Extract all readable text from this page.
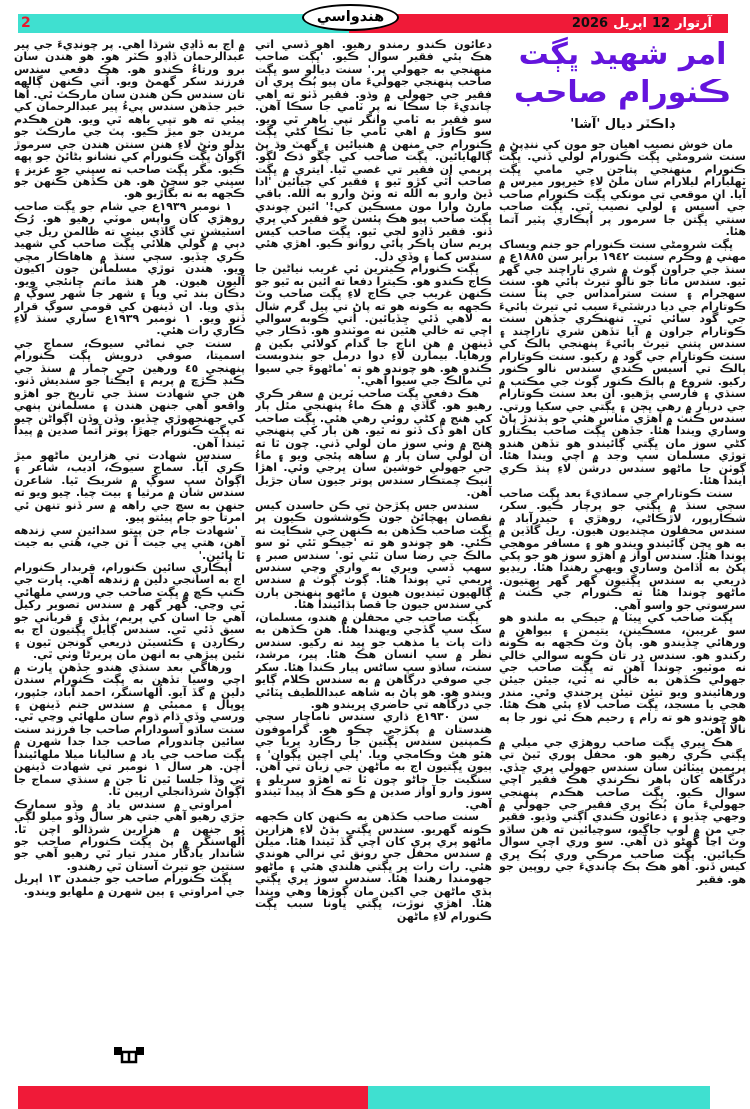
2	آرتوار12اپريل2026
هندواسي
امر شهيد ڀڳت
ڪنورام صاحب
ڊاڪٽر ديال 'آشا'

مان خوش نصيب آهيان جو مون کي ننڍپڻ ۾ سنت شرومڻي ڀڳت ڪنورام لولي ڏني. ڀڳت ڪنورام منهنجي پتاجن جي مامي ڀڳت ٽهليارام ليلارام سان ملڻ لاءِ خيرپور ميرس ۾ آيا. ان موقعي تي مونکي ڀڳت ڪنورام صاحب جي آسيس ۽ لولي نصيب ٿي. ڀڳت صاحب سنتي ڀڳتن جا سرمور پر اُپڪاري پٽير آتما هئا.

ڀڳت شرومڻي سنت ڪنورام جو جنم ويساک مهني ۾ وڪرم سنبت ١٩٤٢ برابر سن ١٨٨٥ع ۾ سنڌ جي جراون ڳوٺ ۾ شري تاراچند جي گهر ٿيو. سندس ماتا جو نالو تيرٿ ٻائي هو. سنت سهجرام ۽ سنت سترامداس جي پتا سنت ڪوتارام جي ديا درشٽيءَ سبب ئي تيرٿ ٻائيءَ جي گود سائي ٿي. تنهنڪري جڏهن سنت ڪوتارام جراون ۾ آيا تڏهن شري تاراچند ۽ سندس پتني تيرٿ ٻائيءَ پنهنجي ٻالڪ کي سنت ڪوتارام جي گود ۾ رکيو. سنت ڪوتارام ٻالڪ تي آسيس ڪندي سندس نالو ڪنور رکيو. شروع ۾ ٻالڪ ڪنور ڳوٺ جي مڪتب ۾ سنڌي ۽ فارسي پڙهيو. ان بعد سنت ڪوتارام جي درٻار ۾ رهي ڀڄن ۽ ڀڳتي جي سکيا ورتي. سندس ڪنٺ ۾ اهڙي مٺاس هئي جو ٻڌندڙ پاڻ وساري ويندا هئا. جڏهن ڀڳت صاحب يڪتارو کڻي سوز مان ڀڳتي ڳائيندو هو تڏهن هندو توڙي مسلمان سڀ وجد ۾ اچي ويندا هئا. ڳوٺن جا ماڻهو سندس درشن لاءِ پنڌ ڪري ايندا هئا.

سنت ڪوتارام جي سماڌيءَ بعد ڀڳت صاحب سڄي سنڌ ۾ ڀڳتي جو پرچار ڪيو. سکر، شڪارپور، لاڙڪاڻي، روهڙي ۽ حيدرآباد ۾ سندس محفلون مچنديون هيون. ريل گاڏين ۾ به هو ڀڄن ڳائيندو ويندو هو ۽ مسافر موهجي پوندا هئا. سندس آواز ۾ اهڙو سوز هو جو پکي پکڻ به اُڏامڻ وساري ويهي رهندا هئا. ريڊيو ذريعي به سندس ڀڳتيون گهر گهر پهتيون. ماڻهو چوندا هئا ته ڪنورام جي ڪنٺ ۾ سرسوتي جو واسو آهي.

ڀڳت صاحب کي ڀيٽا ۾ جيڪي به ملندو هو سو غريبن، مسڪينن، يتيمن ۽ بيواهن ۾ ورهائي ڇڏيندو هو. پاڻ وٽ ڪجهه به ڪونه رکندو هو. سندس در تان ڪوبه سوالي خالي نه موٽيو. چوندا آهن ته ڀڳت صاحب جي جهولي ڪڏهن به خالي نه ٿي، جيئن جيئن ورهائيندو ويو تيئن تيئن ڀرجندي وئي. مندر هجي يا مسجد، ڀڳت صاحب لاءِ ٻئي هڪ هئا. هو چوندو هو ته رام ۽ رحيم هڪ ئي نور جا ٻه نالا آهن.

هڪ ڀيري ڀڳت صاحب روهڙي جي ميلي ۾ ڀڳتي ڪري رهيو هو. محفل پوري ٿيڻ تي پريمين ڀيٽائن سان سندس جهولي ڀري ڇڏي. درگاهه کان ٻاهر نڪرندي هڪ فقير اچي سوال ڪيو. ڀڳت صاحب هڪدم پنهنجي جهوليءَ مان ٻُڪ ڀري فقير جي جهولي ۾ وجهي ڇڏيو ۽ دعائون ڪندي اڳتي وڌيو. فقير جي من ۾ لوڀ جاڳيو، سوچيائين ته هن ساڌو وٽ اڃا گهڻو ڌن آهي. سو وري اچي سوال ڪيائين. ڀڳت صاحب مرڪي وري ٻُڪ ڀري کيس ڏنو. اُهو هڪ ٻڪ چانديءَ جي روپين جو هو. فقير

دعائون ڪندو رمندو رهيو. اُهو ڏسي اُتي هڪ ٻئي فقير سوال ڪيو. 'ڀڳت صاحب منهنجي به جهولي ڀر.' سنت ديالو سو ڀڳت صاحب پنهنجي جهوليءَ مان پيو ٻُڪ ڀري ان فقير جي جهولي ۾ وڌو. فقير ڏٺو ته اهي چانديءَ جا سڪا نه پر ٽامي جا سڪا آهن. سو فقير به ٽامي وانگر تپي ٻاهر ٿي ويو. سو ڪاوڙ ۾ اهي ٽامي جا ٽڪا کڻي ڀڳت ڪنورام جي منهن ۾ هنيائين ۽ گهٽ وڌ پڻ ڳالهايائين. ڀڳت صاحب کي چڱو ڌڪ لڳو. پريمي ان فقير تي غصي ٿيا. ايتري ۾ ڀڳت صاحب اُٿي کڙو ٿيو ۽ فقير کي چيائين 'ادا ڏيڻ وارو به الله ته وٺڻ وارو به الله. باقي مارڻ وارا مون مسڪين کي!' ائين چوندي ڀڳت صاحب پيو هڪ پئسن جو فقير کي ڀري ڏنو. فقير ڏاڍو لڄي ٿيو. ڀڳت صاحب کيس پريم سان ڀاڪر پائي روانو ڪيو. اهڙي هئي سندس کما ۽ وڏي دل.

ڀڳت ڪنورام ڪيترين ئي غريب نياڻين جا ڪاڄ ڪندو هو. ڪيترا دفعا ته ائين به ٿيو جو ڪنهن غريب جي ڪاڄ لاءِ ڀڳت صاحب وٽ ڪجهه به ڪونه هو ته پاڻ تي پيل گرم شال به لاهي ڏئي ڇڏيائين. اُتي ڪوبه سوالي اچي ته خالي هٿين نه موٽندو هو. ڏڪار جي ڏينهن ۾ هن اناج جا گدام کولائي بکين ۾ ورهايا. بيمارن لاءِ دوا درمل جو بندوبست ڪندو هو. هو چوندو هو ته 'ماڻهوءَ جي سيوا ئي مالڪ جي سيوا آهي.'

هڪ دفعي ڀڳت صاحب ٽرين ۾ سفر ڪري رهيو هو. گاڏي ۾ هڪ ماءُ پنهنجي مئل ٻار کي هنج ۾ کڻي روئي رهي هئي. ڀڳت صاحب کان اهو ڏک ڏٺو نه ٿيو. هن ٻار کي پنهنجي هنج ۾ وٺي سوز مان لولي ڏني. چون ٿا ته اُن لولي سان ٻار ۾ ساهه پئجي ويو ۽ ماءُ جي جهولي خوشين سان ڀرجي وئي. اهڙا انيڪ چمتڪار سندس پوتر جيون سان جڙيل آهن.

سندس جس پکڙجڻ تي ڪن حاسدن کيس نقصان پهچائڻ جون ڪوششون ڪيون پر ڀڳت صاحب ڪڏهن به ڪنهن جي شڪايت نه ڪئي. هو چوندو هو ته 'جيڪو ٿئي ٿو سو مالڪ جي رضا سان ٿئي ٿو.' سندس صبر ۽ سهپ ڏسي ويري به واري وڃي سندس پريمي ٿي پوندا هئا. ڳوٺ ڳوٺ ۾ سندس ڳالهيون ٿينديون هيون ۽ ماڻهو پنهنجن ٻارن کي سندس جيون جا قصا ٻڌائيندا هئا.

ڀڳت صاحب جي محفلن ۾ هندو، مسلمان، سک سڀ گڏجي ويهندا هئا. هن ڪڏهن به ذات پات يا مذهب جو ڀيد نه رکيو. سندس نظر ۾ سڀ انسان هڪ هئا. پير، مرشد، سنت، ساڌو سڀ ساڻس پيار ڪندا هئا. سکر جي صوفي درگاهن ۾ به سندس ڪلام ڳايو ويندو هو. هو پاڻ به شاهه عبداللطيف ڀٽائي جي درگاهه تي حاضري ڀريندو هو.

سن ١٩٣٠ع ڌاري سندس ناماچار سڄي هندستان ۾ پکڙجي چڪو هو. گراموفون ڪمپنين سندس ڀڳتين جا رڪارڊ ڀريا جي هٿو هٿ وڪامجي ويا. 'ڀلي اچين ڀڳوان' ۽ ٻيون ڀڳتيون اڄ به ماڻهن جي زبان تي آهن. سنگيت جا ڄاڻو چون ٿا ته اهڙو سريلو ۽ سوز وارو آواز صدين ۾ ڪو هڪ اڌ پيدا ٿيندو آهي.

سنت صاحب ڪڏهن به ڪنهن کان ڪجهه ڪونه گهريو. سندس ڀڳتي ٻڌڻ لاءِ هزارين ماڻهو پري پري کان اچي گڏ ٿيندا هئا. ميلن ۾ سندس محفل جي رونق ئي نرالي هوندي هئي. رات رات ڀر ڀڳتي هلندي هئي ۽ ماڻهو جهومندا رهندا هئا. سندس سوز ڀري ڀڳتي ٻڌي ماڻهن جي اکين مان ڳوڙها وهي ويندا هئا. اهڙي نوڙت، ڀڳتي ڀاونا سبب ڀڳت ڪنورام لاءِ ماڻهن

۾ اڄ به ڏاڍي شرڌا آهي. پر چونڊيءَ جي پير عبدالرحمان ڏاڍو ڪٽر هو. هو هندن سان برو ورتاءُ ڪندو هو. هڪ دفعي سندس فرزند سکر گهمڻ ويو. اُتي ڪنهن ڳالهه تان سندس ڪن هندن سان مارڪٽ ٿي. اُها خبر جڏهن سندس پيءُ پير عبدالرحمان کي پيئي ته هو تپي باهه ٿي ويو. هن هڪدم مريدن جو ميڙ ڪيو. پٽ جي مارڪٽ جو بدلو وٺڻ لاءِ هنن سنتن هندن جي سرموڙ اڳواڻ ڀڳت ڪنورام کي نشانو بڻائڻ جو پهه ڪيو. مگر ڀڳت صاحب ته سڀني جو عزيز ۽ سڀني جو سڄڻ هو. هن ڪڏهن ڪنهن جو ڪجهه به نه بگاڙيو هو.

١ نومبر ١٩٣٩ع جي شام جو ڀڳت صاحب روهڙي کان واپس موٽي رهيو هو. رُڪ اسٽيشن تي گاڏي بيٺي ته ظالمن ريل جي دٻي ۾ گولي هلائي ڀڳت صاحب کي شهيد ڪري ڇڏيو. سڄي سنڌ ۾ هاهاڪار مچي ويو. هندن توڙي مسلمانن جون اکيون آليون هيون. هر هنڌ ماتم ڇانئجي ويو. دڪان بند ٿي ويا ۽ شهر جا شهر سوڳ ۾ ٻڏي ويا. ان ڏينهن کي قومي سوڳ قرار ڏنو ويو. ١ نومبر ١٩٣٩ع ساري سنڌ لاءِ ڪاري رات هئي.

سنت جي نماڻي سيوڪ، سماج جي اسميتا، صوفي درويش ڀڳت ڪنورام پنهنجي ٤٥ ورهين جي ڄمار ۾ سنڌ جي ڪنڊ ڪڙڇ ۾ پريم ۽ ايڪتا جو سنديش ڏنو. هن جي شهادت سنڌ جي تاريخ جو اهڙو واقعو آهي جنهن هندن ۽ مسلمانن ٻنهي کي جهنجهوڙي ڇڏيو. وڏن وڏن اڳواڻن چيو ته ڀڳت ڪنورام جهڙا پوتر آتما صدين ۾ پيدا ٿيندا آهن.

سندس شهادت تي هزارين ماڻهو ميڙ ڪري آيا. سماج سيوڪ، اديب، شاعر ۽ اڳواڻ سڀ سوڳ ۾ شريڪ ٿيا. شاعرن سندس شان ۾ مرثيا ۽ بيت چيا. چيو ويو ته جنهن به سچ جي راهه ۾ سر ڏنو تنهن ئي امرتا جو جام پيئتو پيو.

'شهادت جام جن پيتو سدائين سي زندهه آهن، هتي ڀي جيت آ تن جي، هُتي به جيت ٿا پائين.'

اُپڪاري سائين ڪنورام، قربدار ڪنورام اڄ به اسانجي دلين ۾ زندهه آهي. ڀارت جي ڪنڀ ڪڇ ۾ ڀڳت صاحب جي ورسي ملهائي ٿي وڃي. گهر گهر ۾ سندس تصوير رکيل آهي جا اسان کي پريم، ٻڌي ۽ قرباني جو سبق ڏئي ٿي. سندس ڳايل ڀڳتيون اڄ به رڪارڊن ۽ ڪئسيٽن ذريعي گونجن ٿيون ۽ نئين پيڙهي به انهن مان پريرڻا وٺي ٿي.

ورهاڱي بعد سنڌي هندو جڏهن ڀارت ۾ اچي وسيا تڏهن به ڀڳت ڪنورام سندن دلين ۾ گڏ آيو. اُلهاسنگر، احمد آباد، جئپور، ڀوپال ۽ ممبئي ۾ سندس جنم ڏينهن ۽ ورسي وڏي ڌام ڌوم سان ملهائي وڃي ٿي. سنت ساڌو آسودارام صاحب جا فرزند سنت سائين چاندورام صاحب جدا جدا شهرن ۾ ڀڳت صاحب جي ياد ۾ ساليانا ميلا ملهائيندا اچن. هر سال ١ نومبر تي شهادت ڏينهن تي وڏا جلسا ٿين ٿا جن ۾ سنڌي سماج جا اڳواڻ شرڌانجلي ارپين ٿا.

امراوتي ۾ سندس ياد ۾ وڏو سمارڪ جڙي رهيو آهي جتي هر سال وڏو ميلو لڳي ٿو جنهن ۾ هزارين شرڌالو اچن ٿا. اُلهاسنگر ۾ پڻ ڀڳت ڪنورام صاحب جو شاندار يادگار مندر تيار ٿي رهيو آهي جو سنتين جو تيرٿ آستان ٿي رهندو.

ڀڳت ڪنورام صاحب جو جنمدن ١٣ اپريل جي امراوتي ۽ ٻين شهرن ۾ ملهايو ويندو.
